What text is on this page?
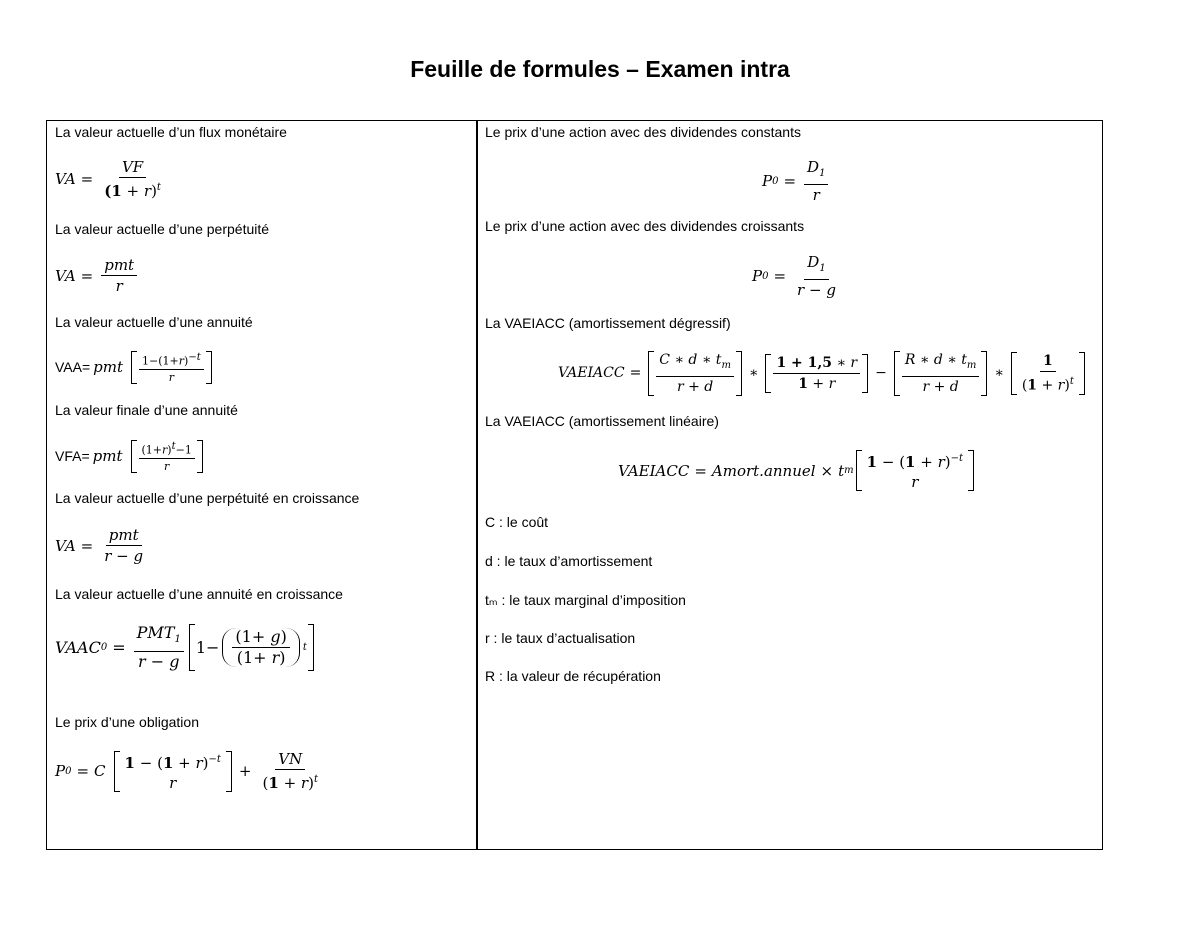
Feuille de formules – Examen intra
La valeur actuelle d’un flux monétaire
VA = $\frac{VF}{(1 + r)^t}$
La valeur actuelle d’une perpétuité
VA =
pmt
r
La valeur actuelle d’une annuité
VAA= pmt $1-(1+r)^{-t}$
r
La valeur finale d’une annuité
VFA= pmt $(1+r)^t-1$
r
La valeur actuelle d’une perpétuité en croissance
VA =
pmt
r − g
La valeur actuelle d’une annuité en croissance
VAAC 0 =
$PMT_1$
r − g
1−
(1+ g)
(1+ r)
t
Le prix d’une obligation
P 0 = C $1 - (1 + r)^{-t}$
r
+ $\frac{VN}{(1 + r)^t}$
Le prix d’une action avec des dividendes constants
P $0 = \frac{D_1}{r}$
Le prix d’une action avec des dividendes croissants
P $0 = \frac{D_1}{r - g}$
La VAEIACC (amortissement dégressif)
VAEIACC =
C ∗ d ∗ $t_m$
r + d
∗
1 + 1,5 ∗ r
1 + r
−
R ∗ d ∗ $t_m$
r + d
∗
1
$(1 + r)^t$
La VAEIACC (amortissement linéaire)
VAEIACC = Amort.annuel × t m $1 - (1 + r)^{-t}$
r
C : le coût
d : le taux d’amortissement
tₘ : le taux marginal d’imposition
r : le taux d’actualisation
R : la valeur de récupération
